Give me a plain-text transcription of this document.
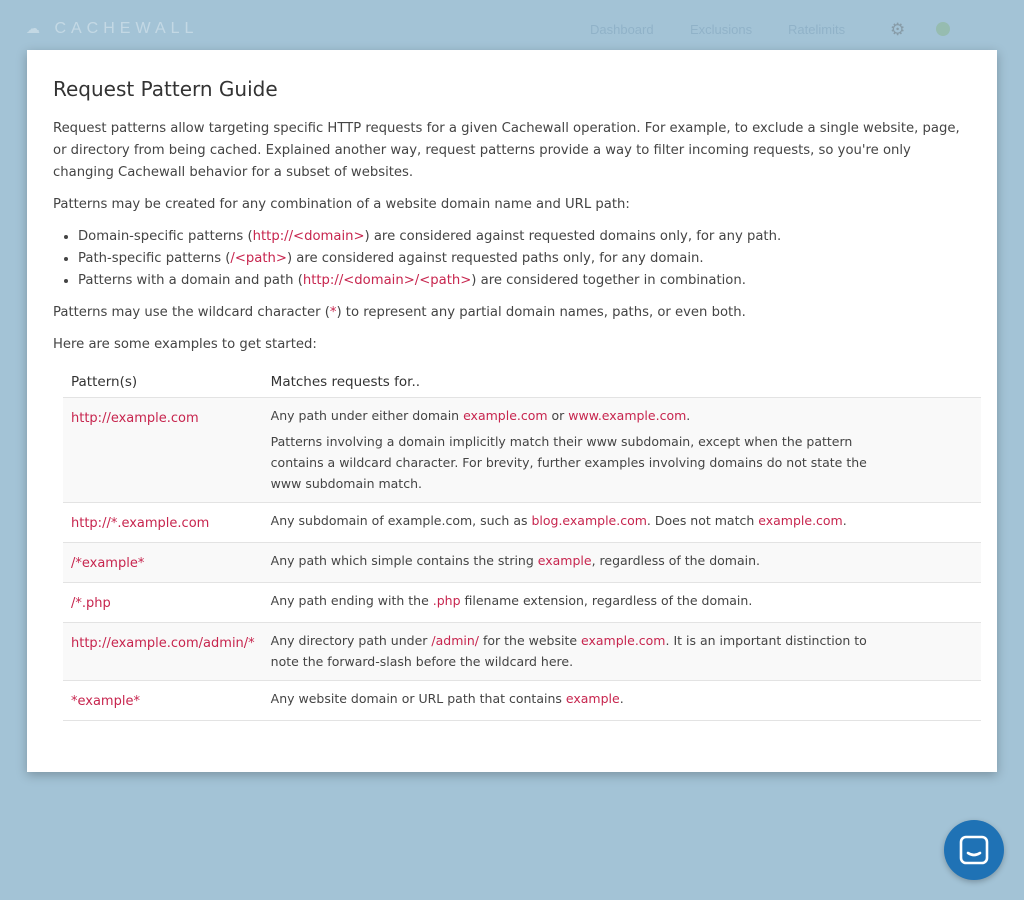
☁ CACHEWALL	Dashboard	Exclusions	Ratelimits	⚙
Request Pattern Guide

Request patterns allow targeting specific HTTP requests for a given Cachewall operation. For example, to exclude a single website, page, or directory from being cached. Explained another way, request patterns provide a way to filter incoming requests, so you're only changing Cachewall behavior for a subset of websites.

Patterns may be created for any combination of a website domain name and URL path:

• Domain-specific patterns (http://<domain>) are considered against requested domains only, for any path.
• Path-specific patterns (/<path>) are considered against requested paths only, for any domain.
• Patterns with a domain and path (http://<domain>/<path>) are considered together in combination.

Patterns may use the wildcard character (*) to represent any partial domain names, paths, or even both.

Here are some examples to get started:

Pattern(s)	Matches requests for..
http://example.com	Any path under either domain example.com or www.example.com.
Patterns involving a domain implicitly match their www subdomain, except when the pattern contains a wildcard character. For brevity, further examples involving domains do not state the www subdomain match.

http://*.example.com	Any subdomain of example.com, such as blog.example.com. Does not match example.com.

/*example*	Any path which simple contains the string example, regardless of the domain.

/*.php	Any path ending with the .php filename extension, regardless of the domain.

http://example.com/admin/*	Any directory path under /admin/ for the website example.com. It is an important distinction to note the forward-slash before the wildcard here.

*example*	Any website domain or URL path that contains example.
